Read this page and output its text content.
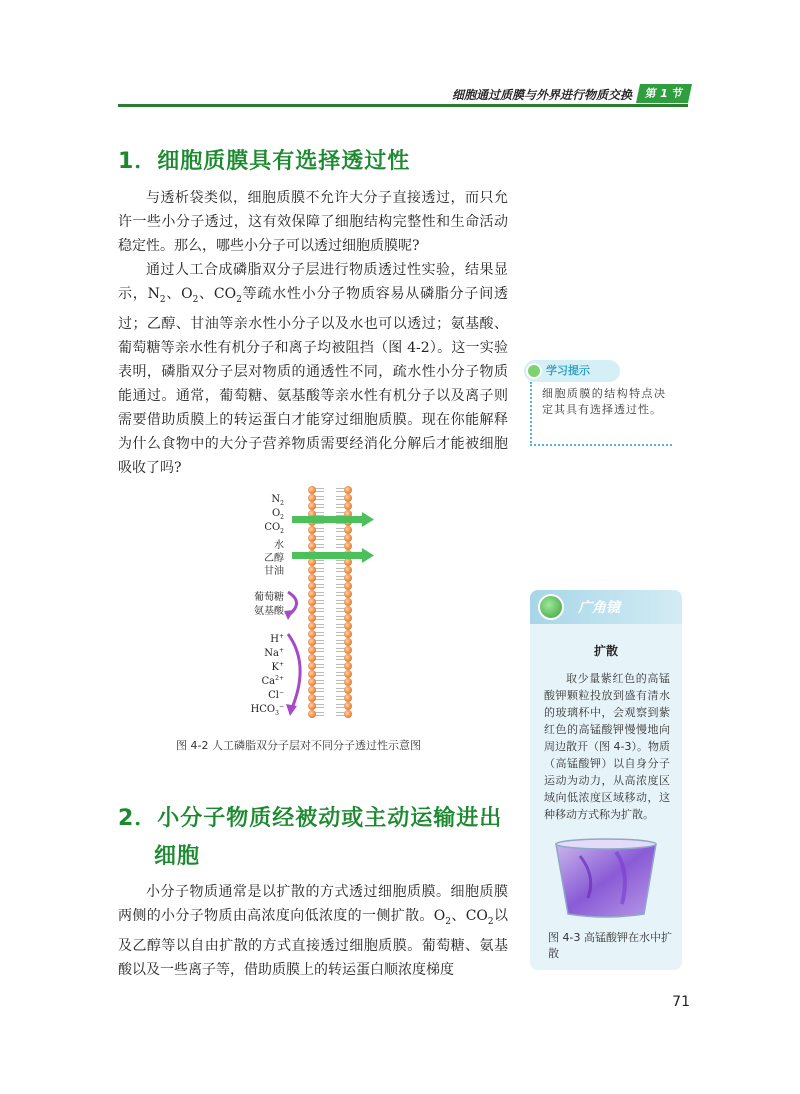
细胞通过质膜与外界进行物质交换	第 1 节
1．细胞质膜具有选择透过性

与透析袋类似，细胞质膜不允许大分子直接透过，而只允许一些小分子透过，这有效保障了细胞结构完整性和生命活动稳定性。那么，哪些小分子可以透过细胞质膜呢?

通过人工合成磷脂双分子层进行物质透过性实验，结果显示，$N_2$、$O_2$、$CO_2$等疏水性小分子物质容易从磷脂分子间透过；乙醇、甘油等亲水性小分子以及水也可以透过；氨基酸、葡萄糖等亲水性有机分子和离子均被阻挡（图 4-2）。这一实验表明，磷脂双分子层对物质的通透性不同，疏水性小分子物质能通过。通常，葡萄糖、氨基酸等亲水性有机分子以及离子则需要借助质膜上的转运蛋白才能穿过细胞质膜。现在你能解释为什么食物中的大分子营养物质需要经消化分解后才能被细胞吸收了吗?

学习提示
细胞质膜的结构特点决定其具有选择透过性。
$N_2$
$O_2$
$CO_2$
水
乙醇
甘油
葡萄糖
氨基酸
H+
Na+
K+
$Ca^{2+}$
Cl−
$HCO_3^-$
图 4-2 人工磷脂双分子层对不同分子透过性示意图
广角镜
扩散

取少量紫红色的高锰酸钾颗粒投放到盛有清水的玻璃杯中，会观察到紫红色的高锰酸钾慢慢地向周边散开（图 4-3）。物质（高锰酸钾）以自身分子运动为动力，从高浓度区域向低浓度区域移动，这种移动方式称为扩散。

图 4-3 高锰酸钾在水中扩散
2．小分子物质经被动或主动运输进出
细胞

小分子物质通常是以扩散的方式透过细胞质膜。细胞质膜两侧的小分子物质由高浓度向低浓度的一侧扩散。$O_2$、$CO_2$以及乙醇等以自由扩散的方式直接透过细胞质膜。葡萄糖、氨基酸以及一些离子等，借助质膜上的转运蛋白顺浓度梯度

71
